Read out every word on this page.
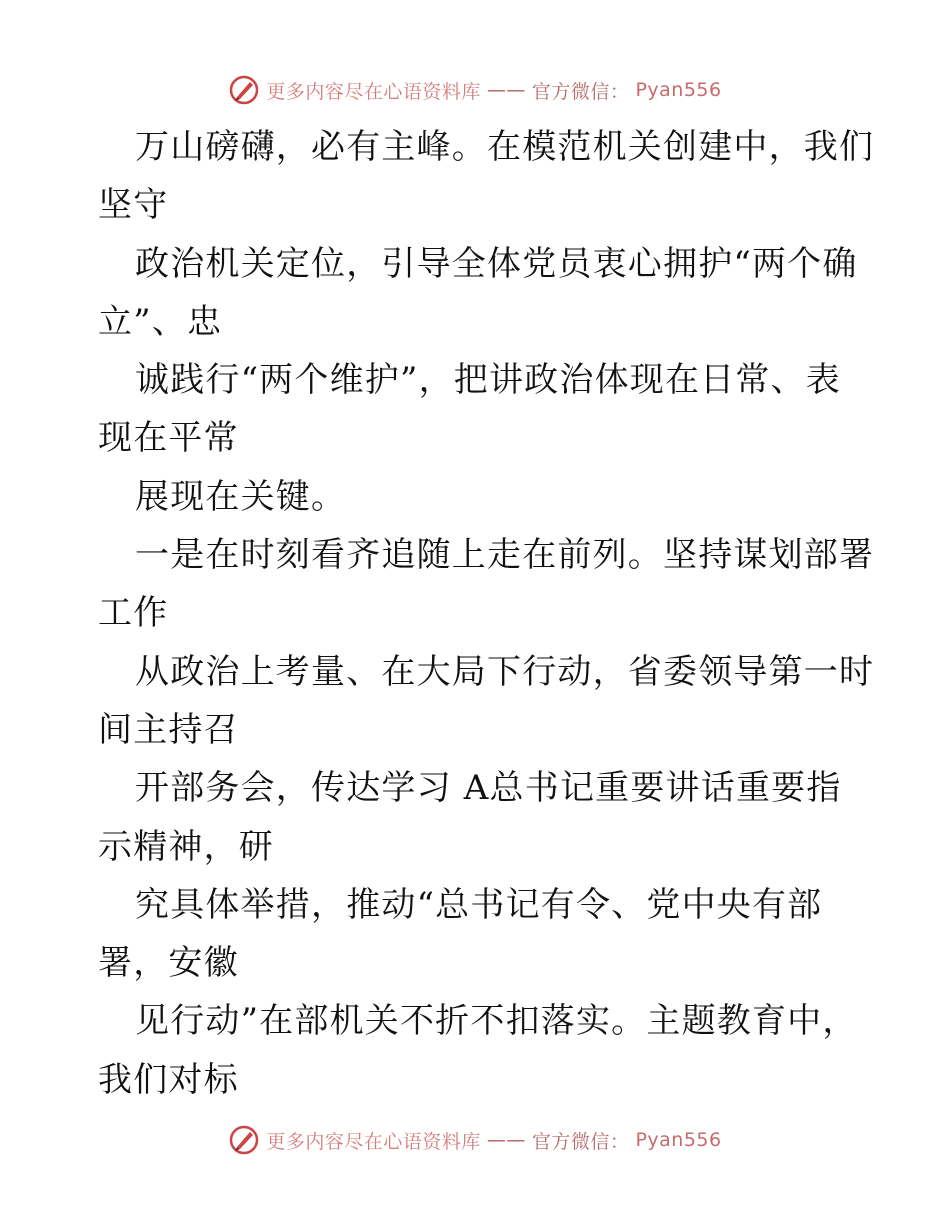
更多内容尽在心语资料库 —— 官方微信： Pyan556
万山磅礴，必有主峰。在模范机关创建中，我们
坚守
政治机关定位，引导全体党员衷心拥护“两个确
立”、忠
诚践行“两个维护”，把讲政治体现在日常、表
现在平常
展现在关键。
一是在时刻看齐追随上走在前列。坚持谋划部署
工作
从政治上考量、在大局下行动，省委领导第一时
间主持召
开部务会，传达学习 A总书记重要讲话重要指
示精神，研
究具体举措，推动“总书记有令、党中央有部
署，安徽
见行动”在部机关不折不扣落实。主题教育中，
我们对标
更多内容尽在心语资料库 —— 官方微信： Pyan556
